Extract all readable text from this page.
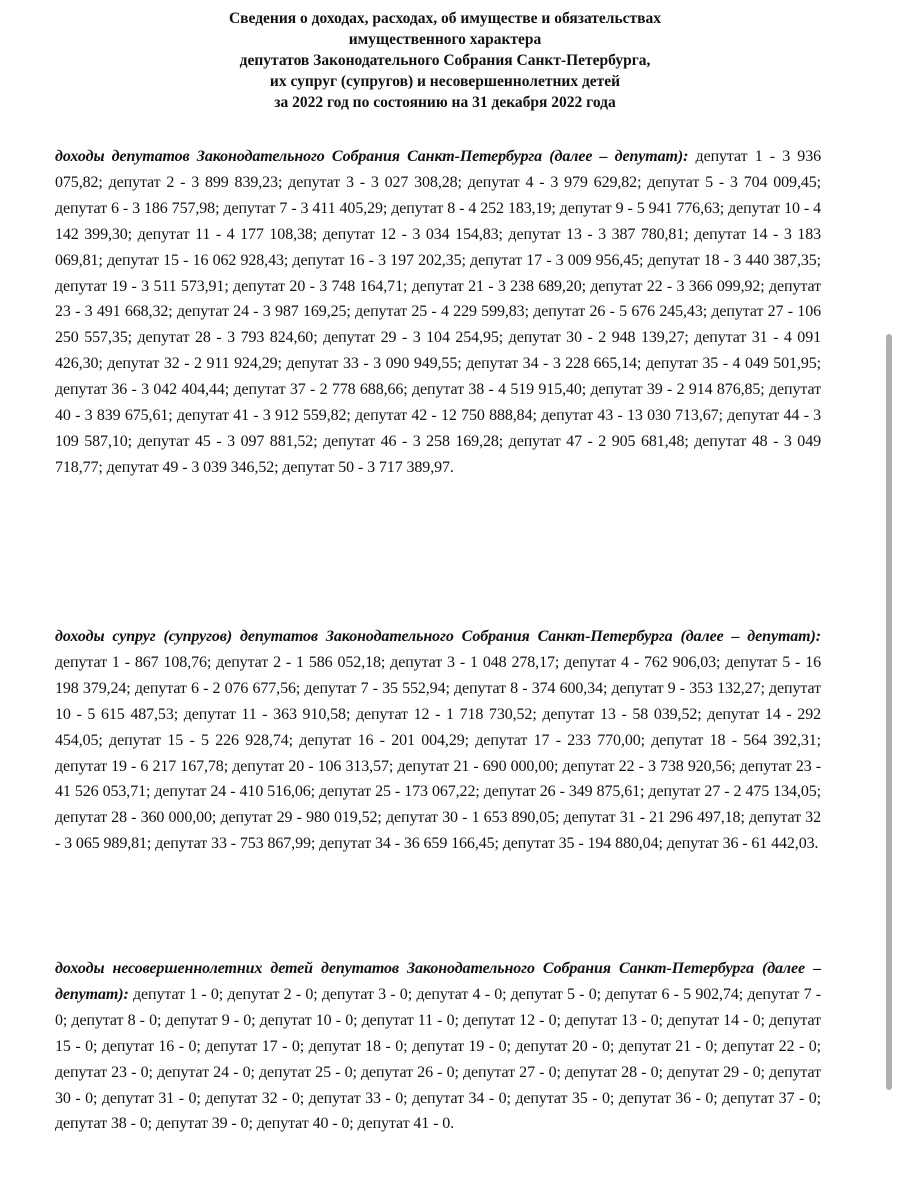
Сведения о доходах, расходах, об имуществе и обязательствах
имущественного характера
депутатов Законодательного Собрания Санкт-Петербурга,
их супруг (супругов) и несовершеннолетних детей
за 2022 год по состоянию на 31 декабря 2022 года
доходы депутатов Законодательного Собрания Санкт-Петербурга (далее – депутат): депутат 1 - 3 936 075,82; депутат 2 - 3 899 839,23; депутат 3 - 3 027 308,28; депутат 4 - 3 979 629,82; депутат 5 - 3 704 009,45; депутат 6 - 3 186 757,98; депутат 7 - 3 411 405,29; депутат 8 - 4 252 183,19; депутат 9 - 5 941 776,63; депутат 10 - 4 142 399,30; депутат 11 - 4 177 108,38; депутат 12 - 3 034 154,83; депутат 13 - 3 387 780,81; депутат 14 - 3 183 069,81; депутат 15 - 16 062 928,43; депутат 16 - 3 197 202,35; депутат 17 - 3 009 956,45; депутат 18 - 3 440 387,35; депутат 19 - 3 511 573,91; депутат 20 - 3 748 164,71; депутат 21 - 3 238 689,20; депутат 22 - 3 366 099,92; депутат 23 - 3 491 668,32; депутат 24 - 3 987 169,25; депутат 25 - 4 229 599,83; депутат 26 - 5 676 245,43; депутат 27 - 106 250 557,35; депутат 28 - 3 793 824,60; депутат 29 - 3 104 254,95; депутат 30 - 2 948 139,27; депутат 31 - 4 091 426,30; депутат 32 - 2 911 924,29; депутат 33 - 3 090 949,55; депутат 34 - 3 228 665,14; депутат 35 - 4 049 501,95; депутат 36 - 3 042 404,44; депутат 37 - 2 778 688,66; депутат 38 - 4 519 915,40; депутат 39 - 2 914 876,85; депутат 40 - 3 839 675,61; депутат 41 - 3 912 559,82; депутат 42 - 12 750 888,84; депутат 43 - 13 030 713,67; депутат 44 - 3 109 587,10; депутат 45 - 3 097 881,52; депутат 46 - 3 258 169,28; депутат 47 - 2 905 681,48; депутат 48 - 3 049 718,77; депутат 49 - 3 039 346,52; депутат 50 - 3 717 389,97.
доходы супруг (супругов) депутатов Законодательного Собрания Санкт-Петербурга (далее – депутат): депутат 1 - 867 108,76; депутат 2 - 1 586 052,18; депутат 3 - 1 048 278,17; депутат 4 - 762 906,03; депутат 5 - 16 198 379,24; депутат 6 - 2 076 677,56; депутат 7 - 35 552,94; депутат 8 - 374 600,34; депутат 9 - 353 132,27; депутат 10 - 5 615 487,53; депутат 11 - 363 910,58; депутат 12 - 1 718 730,52; депутат 13 - 58 039,52; депутат 14 - 292 454,05; депутат 15 - 5 226 928,74; депутат 16 - 201 004,29; депутат 17 - 233 770,00; депутат 18 - 564 392,31; депутат 19 - 6 217 167,78; депутат 20 - 106 313,57; депутат 21 - 690 000,00; депутат 22 - 3 738 920,56; депутат 23 - 41 526 053,71; депутат 24 - 410 516,06; депутат 25 - 173 067,22; депутат 26 - 349 875,61; депутат 27 - 2 475 134,05; депутат 28 - 360 000,00; депутат 29 - 980 019,52; депутат 30 - 1 653 890,05; депутат 31 - 21 296 497,18; депутат 32 - 3 065 989,81; депутат 33 - 753 867,99; депутат 34 - 36 659 166,45; депутат 35 - 194 880,04; депутат 36 - 61 442,03.
доходы несовершеннолетних детей депутатов Законодательного Собрания Санкт-Петербурга (далее – депутат): депутат 1 - 0; депутат 2 - 0; депутат 3 - 0; депутат 4 - 0; депутат 5 - 0; депутат 6 - 5 902,74; депутат 7 - 0; депутат 8 - 0; депутат 9 - 0; депутат 10 - 0; депутат 11 - 0; депутат 12 - 0; депутат 13 - 0; депутат 14 - 0; депутат 15 - 0; депутат 16 - 0; депутат 17 - 0; депутат 18 - 0; депутат 19 - 0; депутат 20 - 0; депутат 21 - 0; депутат 22 - 0; депутат 23 - 0; депутат 24 - 0; депутат 25 - 0; депутат 26 - 0; депутат 27 - 0; депутат 28 - 0; депутат 29 - 0; депутат 30 - 0; депутат 31 - 0; депутат 32 - 0; депутат 33 - 0; депутат 34 - 0; депутат 35 - 0; депутат 36 - 0; депутат 37 - 0; депутат 38 - 0; депутат 39 - 0; депутат 40 - 0; депутат 41 - 0.
